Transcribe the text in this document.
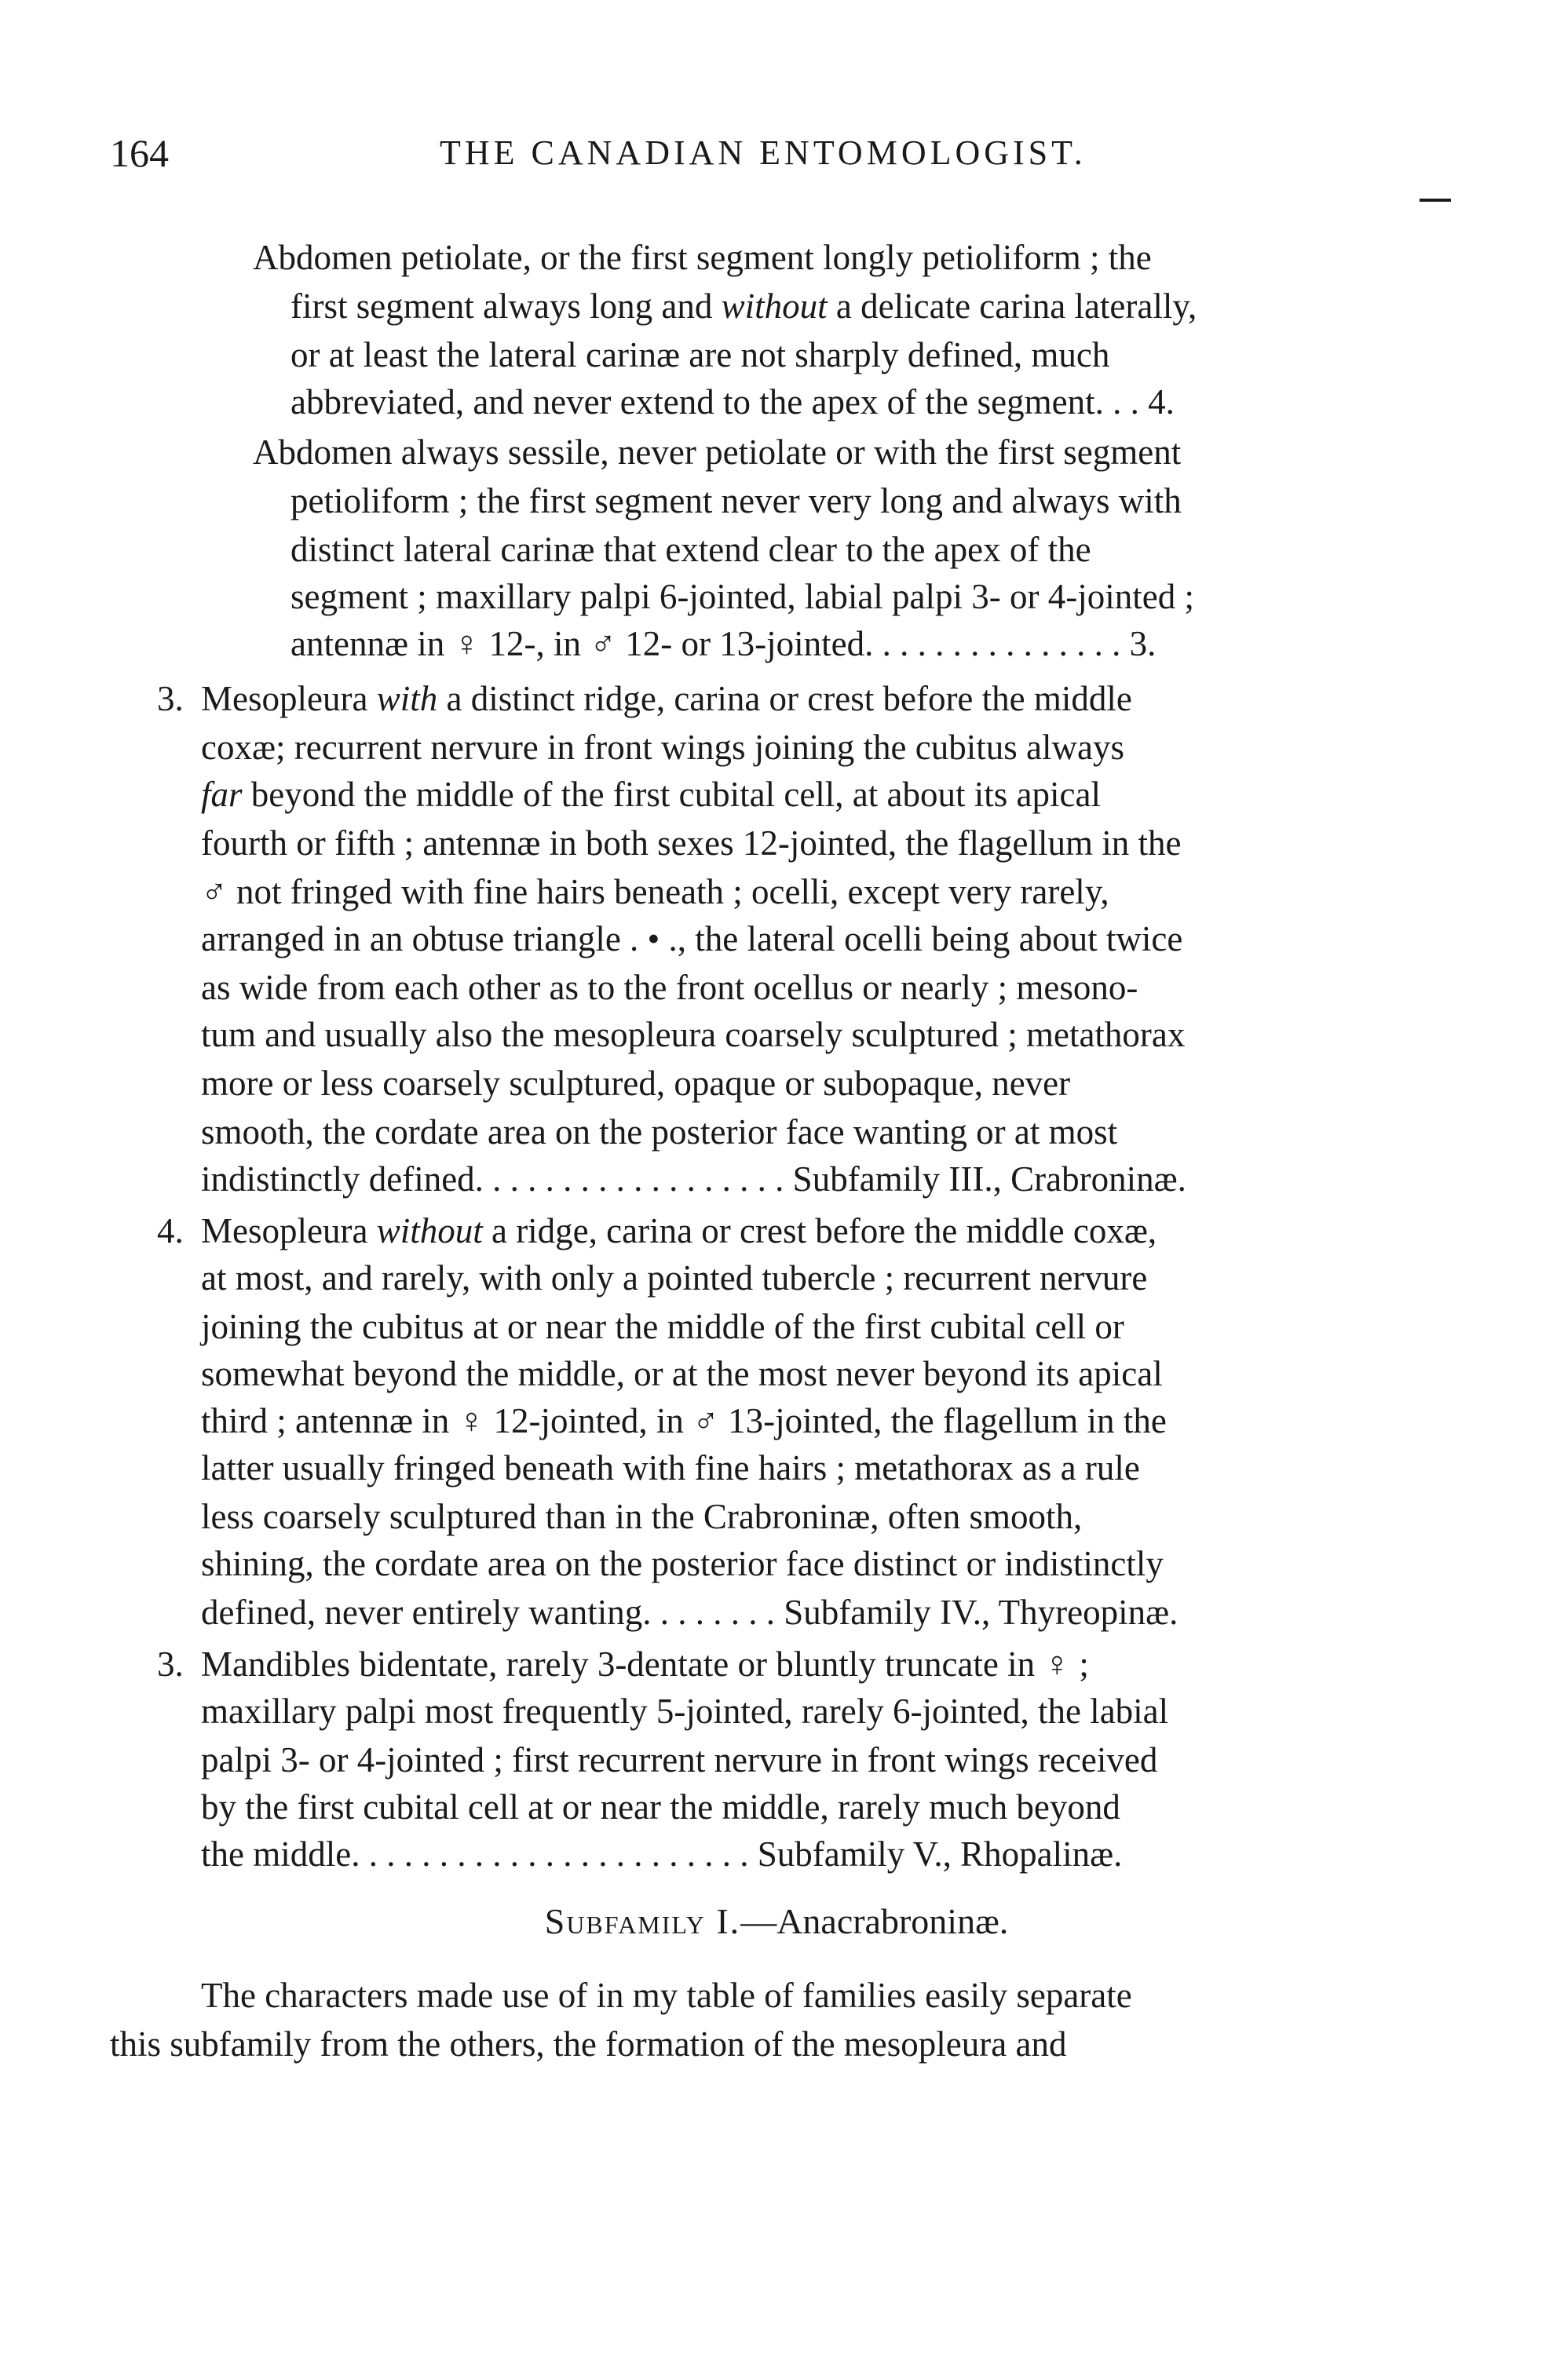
164	THE CANADIAN ENTOMOLOGIST.
Abdomen petiolate, or the first segment longly petioliform ; the
first segment always long and without a delicate carina laterally,
or at least the lateral carinæ are not sharply defined, much
abbreviated, and never extend to the apex of the segment. . . 4.
Abdomen always sessile, never petiolate or with the first segment
petioliform ; the first segment never very long and always with
distinct lateral carinæ that extend clear to the apex of the
segment ; maxillary palpi 6-jointed, labial palpi 3- or 4-jointed ;
antennæ in ♀ 12-, in ♂ 12- or 13-jointed. . . . . . . . . . . . . . . 3.
3. Mesopleura with a distinct ridge, carina or crest before the middle
coxæ; recurrent nervure in front wings joining the cubitus always
far beyond the middle of the first cubital cell, at about its apical
fourth or fifth ; antennæ in both sexes 12-jointed, the flagellum in the
♂ not fringed with fine hairs beneath ; ocelli, except very rarely,
arranged in an obtuse triangle . • ., the lateral ocelli being about twice
as wide from each other as to the front ocellus or nearly ; mesono-
tum and usually also the mesopleura coarsely sculptured ; metathorax
more or less coarsely sculptured, opaque or subopaque, never
smooth, the cordate area on the posterior face wanting or at most
indistinctly defined. . . . . . . . . . . . . . . . . . Subfamily III., Crabroninæ.
4. Mesopleura without a ridge, carina or crest before the middle coxæ,
at most, and rarely, with only a pointed tubercle ; recurrent nervure
joining the cubitus at or near the middle of the first cubital cell or
somewhat beyond the middle, or at the most never beyond its apical
third ; antennæ in ♀ 12-jointed, in ♂ 13-jointed, the flagellum in the
latter usually fringed beneath with fine hairs ; metathorax as a rule
less coarsely sculptured than in the Crabroninæ, often smooth,
shining, the cordate area on the posterior face distinct or indistinctly
defined, never entirely wanting. . . . . . . . Subfamily IV., Thyreopinæ.
3. Mandibles bidentate, rarely 3-dentate or bluntly truncate in ♀ ;
maxillary palpi most frequently 5-jointed, rarely 6-jointed, the labial
palpi 3- or 4-jointed ; first recurrent nervure in front wings received
by the first cubital cell at or near the middle, rarely much beyond
the middle. . . . . . . . . . . . . . . . . . . . . . . Subfamily V., Rhopalinæ.
Subfamily I.—Anacrabroninæ.
The characters made use of in my table of families easily separate
this subfamily from the others, the formation of the mesopleura and
